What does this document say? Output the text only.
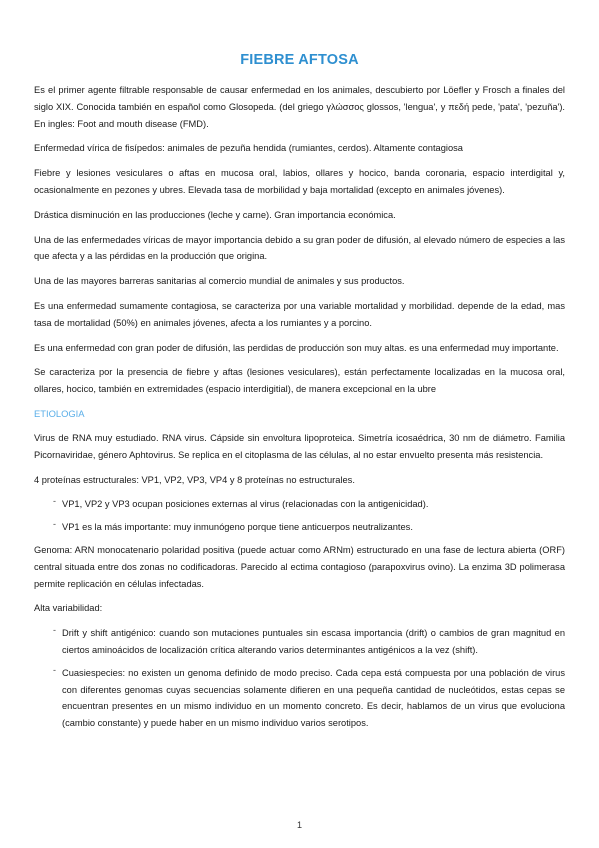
FIEBRE AFTOSA

Es el primer agente filtrable responsable de causar enfermedad en los animales, descubierto por Löefler y Frosch a finales del siglo XIX. Conocida también en español como Glosopeda. (del griego γλώσσος glossos, 'lengua', y πεδή pede, 'pata', 'pezuña'). En ingles: Foot and mouth disease (FMD).

Enfermedad vírica de fisípedos: animales de pezuña hendida (rumiantes, cerdos). Altamente contagiosa

Fiebre y lesiones vesiculares o aftas en mucosa oral, labios, ollares y hocico, banda coronaria, espacio interdigital y, ocasionalmente en pezones y ubres. Elevada tasa de morbilidad y baja mortalidad (excepto en animales jóvenes).

Drástica disminución en las producciones (leche y carne). Gran importancia económica.

Una de las enfermedades víricas de mayor importancia debido a su gran poder de difusión, al elevado número de especies a las que afecta y a las pérdidas en la producción que origina.

Una de las mayores barreras sanitarias al comercio mundial de animales y sus productos.

Es una enfermedad sumamente contagiosa, se caracteriza por una variable mortalidad y morbilidad. depende de la edad, mas tasa de mortalidad (50%) en animales jóvenes, afecta a los rumiantes y a porcino.

Es una enfermedad con gran poder de difusión, las perdidas de producción son muy altas. es una enfermedad muy importante.

Se caracteriza por la presencia de fiebre y aftas (lesiones vesiculares), están perfectamente localizadas en la mucosa oral, ollares, hocico, también en extremidades (espacio interdigitial), de manera excepcional en la ubre

ETIOLOGIA

Virus de RNA muy estudiado. RNA virus. Cápside sin envoltura lipoproteica. Simetría icosaédrica, 30 nm de diámetro. Familia Picornaviridae, género Aphtovirus. Se replica en el citoplasma de las células, al no estar envuelto presenta más resistencia.

4 proteínas estructurales: VP1, VP2, VP3, VP4 y 8 proteínas no estructurales.

- VP1, VP2 y VP3 ocupan posiciones externas al virus (relacionadas con la antigenicidad).
- VP1 es la más importante: muy inmunógeno porque tiene anticuerpos neutralizantes.

Genoma: ARN monocatenario polaridad positiva (puede actuar como ARNm) estructurado en una fase de lectura abierta (ORF) central situada entre dos zonas no codificadoras. Parecido al ectima contagioso (parapoxvirus ovino). La enzima 3D polimerasa permite replicación en células infectadas.

Alta variabilidad:

- Drift y shift antigénico: cuando son mutaciones puntuales sin escasa importancia (drift) o cambios de gran magnitud en ciertos aminoácidos de localización crítica alterando varios determinantes antigénicos a la vez (shift).
- Cuasiespecies: no existen un genoma definido de modo preciso. Cada cepa está compuesta por una población de virus con diferentes genomas cuyas secuencias solamente difieren en una pequeña cantidad de nucleótidos, estas cepas se encuentran presentes en un mismo individuo en un momento concreto. Es decir, hablamos de un virus que evoluciona (cambio constante) y puede haber en un mismo individuo varios serotipos.
1
